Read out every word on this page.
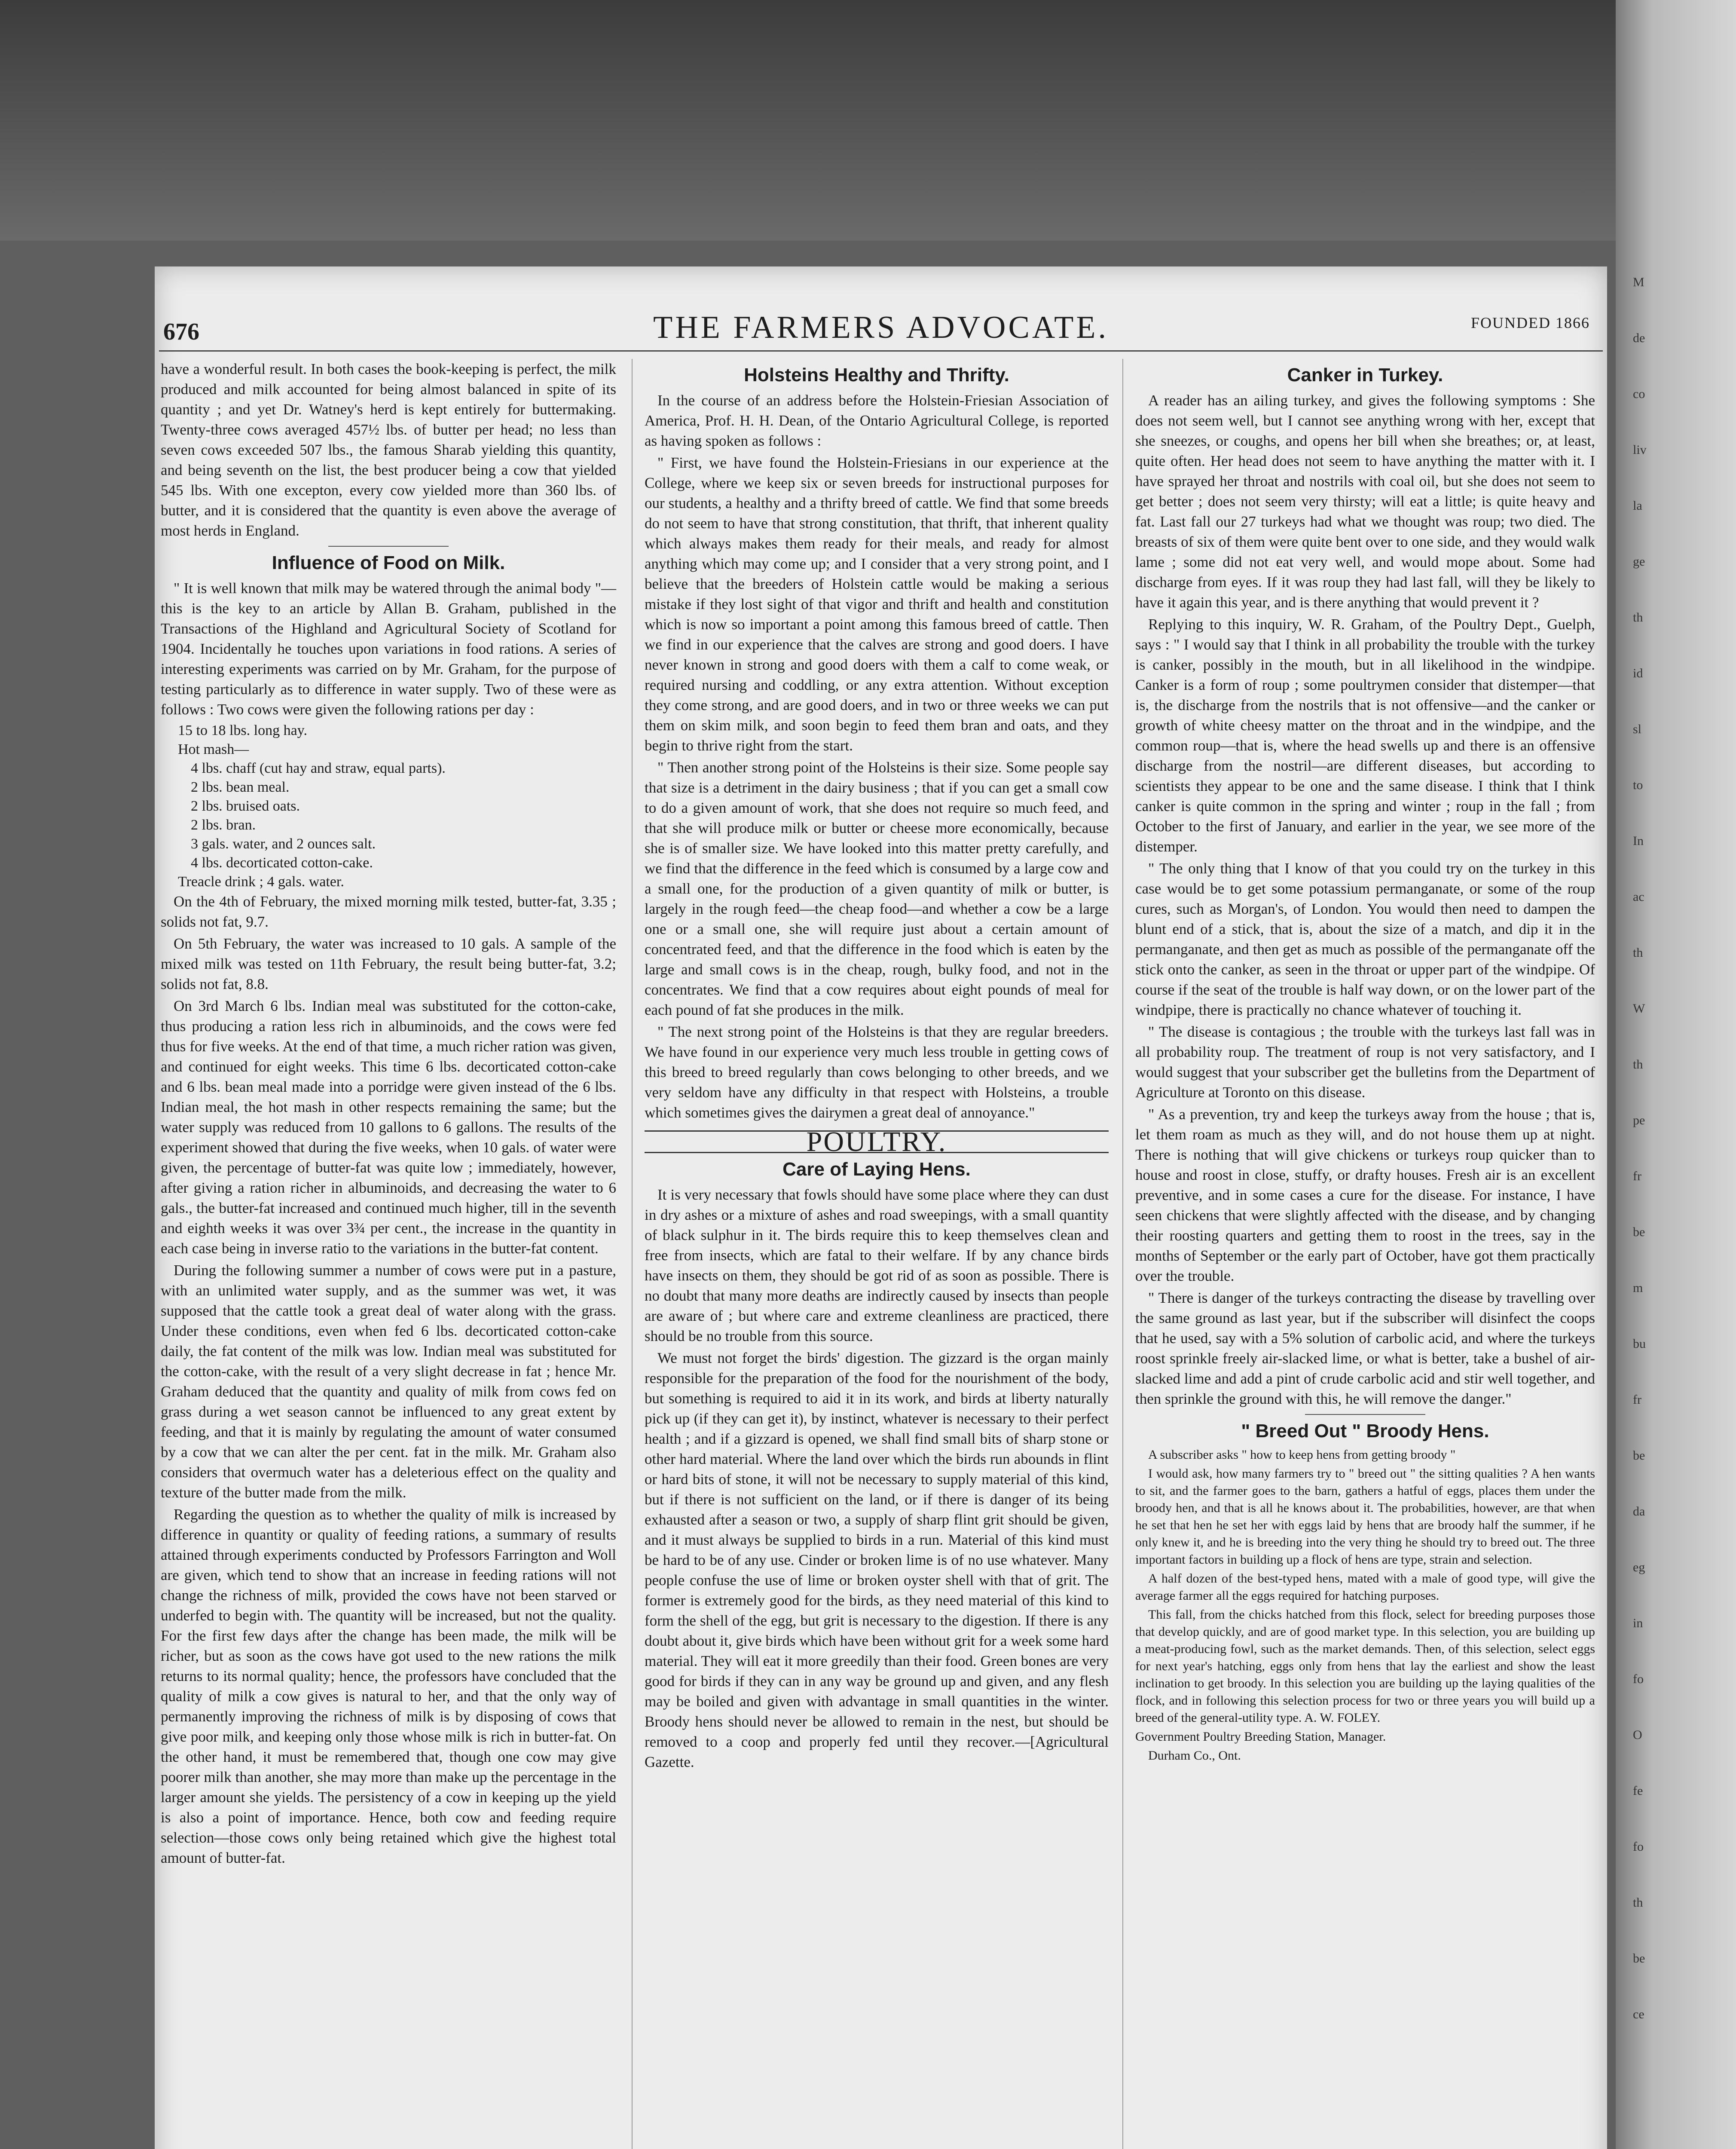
M
de
co
liv
la
ge
th
id
sl
to
In
ac
th
W
th
pe
fr
be
m
bu
fr
be
da
eg
in
fo
O
fe
fo
th
be
ce
676	THE FARMERS ADVOCATE.	FOUNDED 1866

have a wonderful result. In both cases the book-keeping is perfect, the milk produced and milk accounted for being almost balanced in spite of its quantity ; and yet Dr. Watney's herd is kept entirely for buttermaking. Twenty-three cows averaged 457½ lbs. of butter per head; no less than seven cows exceeded 507 lbs., the famous Sharab yielding this quantity, and being seventh on the list, the best producer being a cow that yielded 545 lbs. With one excepton, every cow yielded more than 360 lbs. of butter, and it is considered that the quantity is even above the average of most herds in England.

Influence of Food on Milk.

" It is well known that milk may be watered through the animal body "—this is the key to an article by Allan B. Graham, published in the Transactions of the Highland and Agricultural Society of Scotland for 1904. Incidentally he touches upon variations in food rations. A series of interesting experiments was carried on by Mr. Graham, for the purpose of testing particularly as to difference in water supply. Two of these were as follows : Two cows were given the following rations per day :

15 to 18 lbs. long hay.
Hot mash—
4 lbs. chaff (cut hay and straw, equal parts).
2 lbs. bean meal.
2 lbs. bruised oats.
2 lbs. bran.
3 gals. water, and 2 ounces salt.
4 lbs. decorticated cotton-cake.
Treacle drink ; 4 gals. water.

On the 4th of February, the mixed morning milk tested, butter-fat, 3.35 ; solids not fat, 9.7.

On 5th February, the water was increased to 10 gals. A sample of the mixed milk was tested on 11th February, the result being butter-fat, 3.2; solids not fat, 8.8.

On 3rd March 6 lbs. Indian meal was substituted for the cotton-cake, thus producing a ration less rich in albuminoids, and the cows were fed thus for five weeks. At the end of that time, a much richer ration was given, and continued for eight weeks. This time 6 lbs. decorticated cotton-cake and 6 lbs. bean meal made into a porridge were given instead of the 6 lbs. Indian meal, the hot mash in other respects remaining the same; but the water supply was reduced from 10 gallons to 6 gallons. The results of the experiment showed that during the five weeks, when 10 gals. of water were given, the percentage of butter-fat was quite low ; immediately, however, after giving a ration richer in albuminoids, and decreasing the water to 6 gals., the butter-fat increased and continued much higher, till in the seventh and eighth weeks it was over 3¾ per cent., the increase in the quantity in each case being in inverse ratio to the variations in the butter-fat content.

During the following summer a number of cows were put in a pasture, with an unlimited water supply, and as the summer was wet, it was supposed that the cattle took a great deal of water along with the grass. Under these conditions, even when fed 6 lbs. decorticated cotton-cake daily, the fat content of the milk was low. Indian meal was substituted for the cotton-cake, with the result of a very slight decrease in fat ; hence Mr. Graham deduced that the quantity and quality of milk from cows fed on grass during a wet season cannot be influenced to any great extent by feeding, and that it is mainly by regulating the amount of water consumed by a cow that we can alter the per cent. fat in the milk. Mr. Graham also considers that overmuch water has a deleterious effect on the quality and texture of the butter made from the milk.

Regarding the question as to whether the quality of milk is increased by difference in quantity or quality of feeding rations, a summary of results attained through experiments conducted by Professors Farrington and Woll are given, which tend to show that an increase in feeding rations will not change the richness of milk, provided the cows have not been starved or underfed to begin with. The quantity will be increased, but not the quality. For the first few days after the change has been made, the milk will be richer, but as soon as the cows have got used to the new rations the milk returns to its normal quality; hence, the professors have concluded that the quality of milk a cow gives is natural to her, and that the only way of permanently improving the richness of milk is by disposing of cows that give poor milk, and keeping only those whose milk is rich in butter-fat. On the other hand, it must be remembered that, though one cow may give poorer milk than another, she may more than make up the percentage in the larger amount she yields. The persistency of a cow in keeping up the yield is also a point of importance. Hence, both cow and feeding require selection—those cows only being retained which give the highest total amount of butter-fat.

Holsteins Healthy and Thrifty.

In the course of an address before the Holstein-Friesian Association of America, Prof. H. H. Dean, of the Ontario Agricultural College, is reported as having spoken as follows :

" First, we have found the Holstein-Friesians in our experience at the College, where we keep six or seven breeds for instructional purposes for our students, a healthy and a thrifty breed of cattle. We find that some breeds do not seem to have that strong constitution, that thrift, that inherent quality which always makes them ready for their meals, and ready for almost anything which may come up; and I consider that a very strong point, and I believe that the breeders of Holstein cattle would be making a serious mistake if they lost sight of that vigor and thrift and health and constitution which is now so important a point among this famous breed of cattle. Then we find in our experience that the calves are strong and good doers. I have never known in strong and good doers with them a calf to come weak, or required nursing and coddling, or any extra attention. Without exception they come strong, and are good doers, and in two or three weeks we can put them on skim milk, and soon begin to feed them bran and oats, and they begin to thrive right from the start.

" Then another strong point of the Holsteins is their size. Some people say that size is a detriment in the dairy business ; that if you can get a small cow to do a given amount of work, that she does not require so much feed, and that she will produce milk or butter or cheese more economically, because she is of smaller size. We have looked into this matter pretty carefully, and we find that the difference in the feed which is consumed by a large cow and a small one, for the production of a given quantity of milk or butter, is largely in the rough feed—the cheap food—and whether a cow be a large one or a small one, she will require just about a certain amount of concentrated feed, and that the difference in the food which is eaten by the large and small cows is in the cheap, rough, bulky food, and not in the concentrates. We find that a cow requires about eight pounds of meal for each pound of fat she produces in the milk.

" The next strong point of the Holsteins is that they are regular breeders. We have found in our experience very much less trouble in getting cows of this breed to breed regularly than cows belonging to other breeds, and we very seldom have any difficulty in that respect with Holsteins, a trouble which sometimes gives the dairymen a great deal of annoyance."

POULTRY.
Care of Laying Hens.

It is very necessary that fowls should have some place where they can dust in dry ashes or a mixture of ashes and road sweepings, with a small quantity of black sulphur in it. The birds require this to keep themselves clean and free from insects, which are fatal to their welfare. If by any chance birds have insects on them, they should be got rid of as soon as possible. There is no doubt that many more deaths are indirectly caused by insects than people are aware of ; but where care and extreme cleanliness are practiced, there should be no trouble from this source.

We must not forget the birds' digestion. The gizzard is the organ mainly responsible for the preparation of the food for the nourishment of the body, but something is required to aid it in its work, and birds at liberty naturally pick up (if they can get it), by instinct, whatever is necessary to their perfect health ; and if a gizzard is opened, we shall find small bits of sharp stone or other hard material. Where the land over which the birds run abounds in flint or hard bits of stone, it will not be necessary to supply material of this kind, but if there is not sufficient on the land, or if there is danger of its being exhausted after a season or two, a supply of sharp flint grit should be given, and it must always be supplied to birds in a run. Material of this kind must be hard to be of any use. Cinder or broken lime is of no use whatever. Many people confuse the use of lime or broken oyster shell with that of grit. The former is extremely good for the birds, as they need material of this kind to form the shell of the egg, but grit is necessary to the digestion. If there is any doubt about it, give birds which have been without grit for a week some hard material. They will eat it more greedily than their food. Green bones are very good for birds if they can in any way be ground up and given, and any flesh may be boiled and given with advantage in small quantities in the winter. Broody hens should never be allowed to remain in the nest, but should be removed to a coop and properly fed until they recover.—[Agricultural Gazette.

Canker in Turkey.

A reader has an ailing turkey, and gives the following symptoms : She does not seem well, but I cannot see anything wrong with her, except that she sneezes, or coughs, and opens her bill when she breathes; or, at least, quite often. Her head does not seem to have anything the matter with it. I have sprayed her throat and nostrils with coal oil, but she does not seem to get better ; does not seem very thirsty; will eat a little; is quite heavy and fat. Last fall our 27 turkeys had what we thought was roup; two died. The breasts of six of them were quite bent over to one side, and they would walk lame ; some did not eat very well, and would mope about. Some had discharge from eyes. If it was roup they had last fall, will they be likely to have it again this year, and is there anything that would prevent it ?

Replying to this inquiry, W. R. Graham, of the Poultry Dept., Guelph, says : " I would say that I think in all probability the trouble with the turkey is canker, possibly in the mouth, but in all likelihood in the windpipe. Canker is a form of roup ; some poultrymen consider that distemper—that is, the discharge from the nostrils that is not offensive—and the canker or growth of white cheesy matter on the throat and in the windpipe, and the common roup—that is, where the head swells up and there is an offensive discharge from the nostril—are different diseases, but according to scientists they appear to be one and the same disease. I think that I think canker is quite common in the spring and winter ; roup in the fall ; from October to the first of January, and earlier in the year, we see more of the distemper.

" The only thing that I know of that you could try on the turkey in this case would be to get some potassium permanganate, or some of the roup cures, such as Morgan's, of London. You would then need to dampen the blunt end of a stick, that is, about the size of a match, and dip it in the permanganate, and then get as much as possible of the permanganate off the stick onto the canker, as seen in the throat or upper part of the windpipe. Of course if the seat of the trouble is half way down, or on the lower part of the windpipe, there is practically no chance whatever of touching it.

" The disease is contagious ; the trouble with the turkeys last fall was in all probability roup. The treatment of roup is not very satisfactory, and I would suggest that your subscriber get the bulletins from the Department of Agriculture at Toronto on this disease.

" As a prevention, try and keep the turkeys away from the house ; that is, let them roam as much as they will, and do not house them up at night. There is nothing that will give chickens or turkeys roup quicker than to house and roost in close, stuffy, or drafty houses. Fresh air is an excellent preventive, and in some cases a cure for the disease. For instance, I have seen chickens that were slightly affected with the disease, and by changing their roosting quarters and getting them to roost in the trees, say in the months of September or the early part of October, have got them practically over the trouble.

" There is danger of the turkeys contracting the disease by travelling over the same ground as last year, but if the subscriber will disinfect the coops that he used, say with a 5% solution of carbolic acid, and where the turkeys roost sprinkle freely air-slacked lime, or what is better, take a bushel of air-slacked lime and add a pint of crude carbolic acid and stir well together, and then sprinkle the ground with this, he will remove the danger."

" Breed Out " Broody Hens.

A subscriber asks " how to keep hens from getting broody "

I would ask, how many farmers try to " breed out " the sitting qualities ? A hen wants to sit, and the farmer goes to the barn, gathers a hatful of eggs, places them under the broody hen, and that is all he knows about it. The probabilities, however, are that when he set that hen he set her with eggs laid by hens that are broody half the summer, if he only knew it, and he is breeding into the very thing he should try to breed out. The three important factors in building up a flock of hens are type, strain and selection.

A half dozen of the best-typed hens, mated with a male of good type, will give the average farmer all the eggs required for hatching purposes.

This fall, from the chicks hatched from this flock, select for breeding purposes those that develop quickly, and are of good market type. In this selection, you are building up a meat-producing fowl, such as the market demands. Then, of this selection, select eggs for next year's hatching, eggs only from hens that lay the earliest and show the least inclination to get broody. In this selection you are building up the laying qualities of the flock, and in following this selection process for two or three years you will build up a breed of the general-utility type. A. W. FOLEY.

Government Poultry Breeding Station, Manager.

Durham Co., Ont.
